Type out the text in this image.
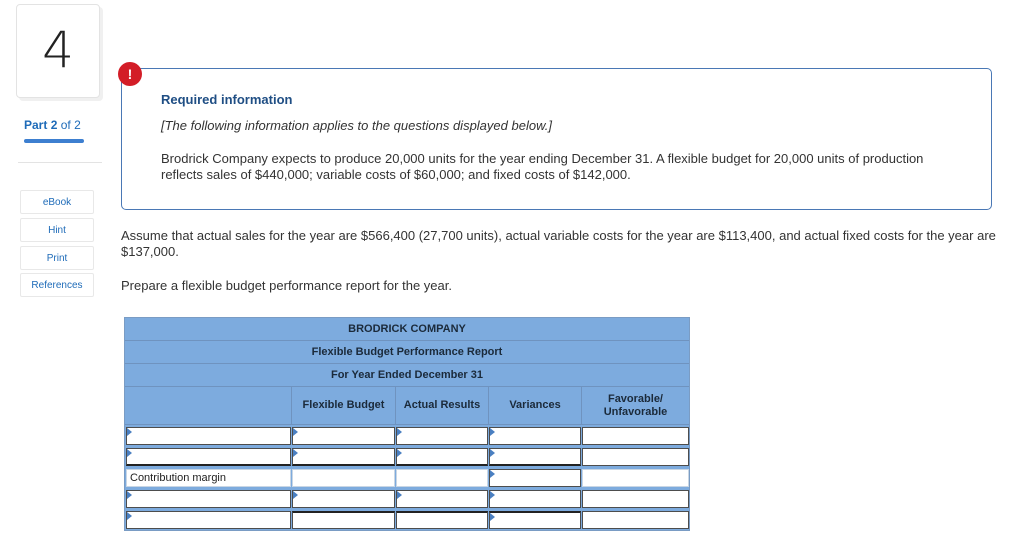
4
Part 2 of 2
eBook
Hint
Print
References
!
Required information
[The following information applies to the questions displayed below.]
Brodrick Company expects to produce 20,000 units for the year ending December 31. A flexible budget for 20,000 units of production reflects sales of $440,000; variable costs of $60,000; and fixed costs of $142,000.
Assume that actual sales for the year are $566,400 (27,700 units), actual variable costs for the year are $113,400, and actual fixed costs for the year are $137,000.
Prepare a flexible budget performance report for the year.
BRODRICK COMPANY
Flexible Budget Performance Report
For Year Ended December 31
Flexible Budget	Actual Results	Variances
Favorable/
Unfavorable
Contribution margin
